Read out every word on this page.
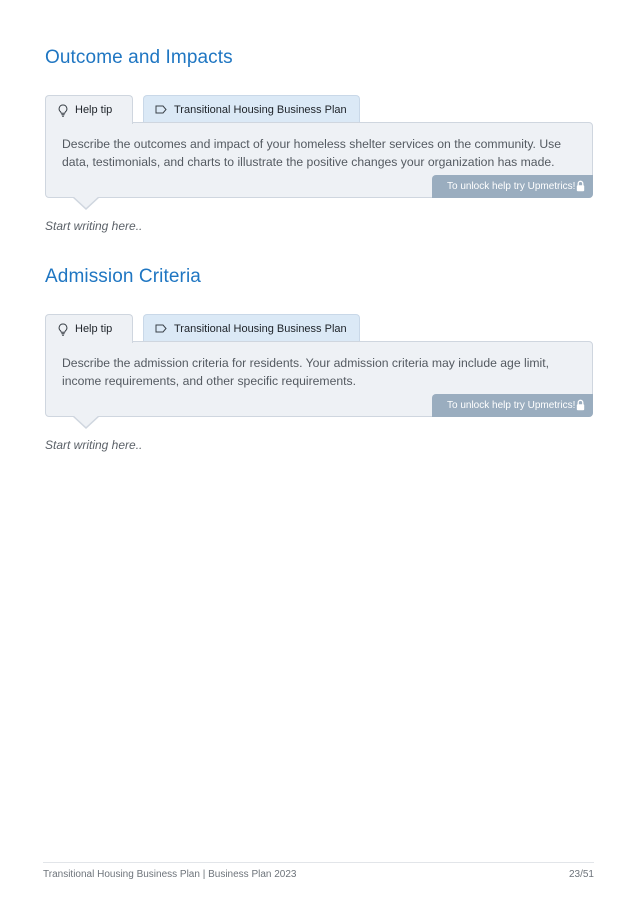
Outcome and Impacts
Help tip	Transitional Housing Business Plan

Describe the outcomes and impact of your homeless shelter services on the community. Use data, testimonials, and charts to illustrate the positive changes your organization has made.

To unlock help try Upmetrics!

Start writing here..

Admission Criteria
Help tip	Transitional Housing Business Plan

Describe the admission criteria for residents. Your admission criteria may include age limit, income requirements, and other specific requirements.

To unlock help try Upmetrics!

Start writing here..

Transitional Housing Business Plan | Business Plan 2023	23/51
